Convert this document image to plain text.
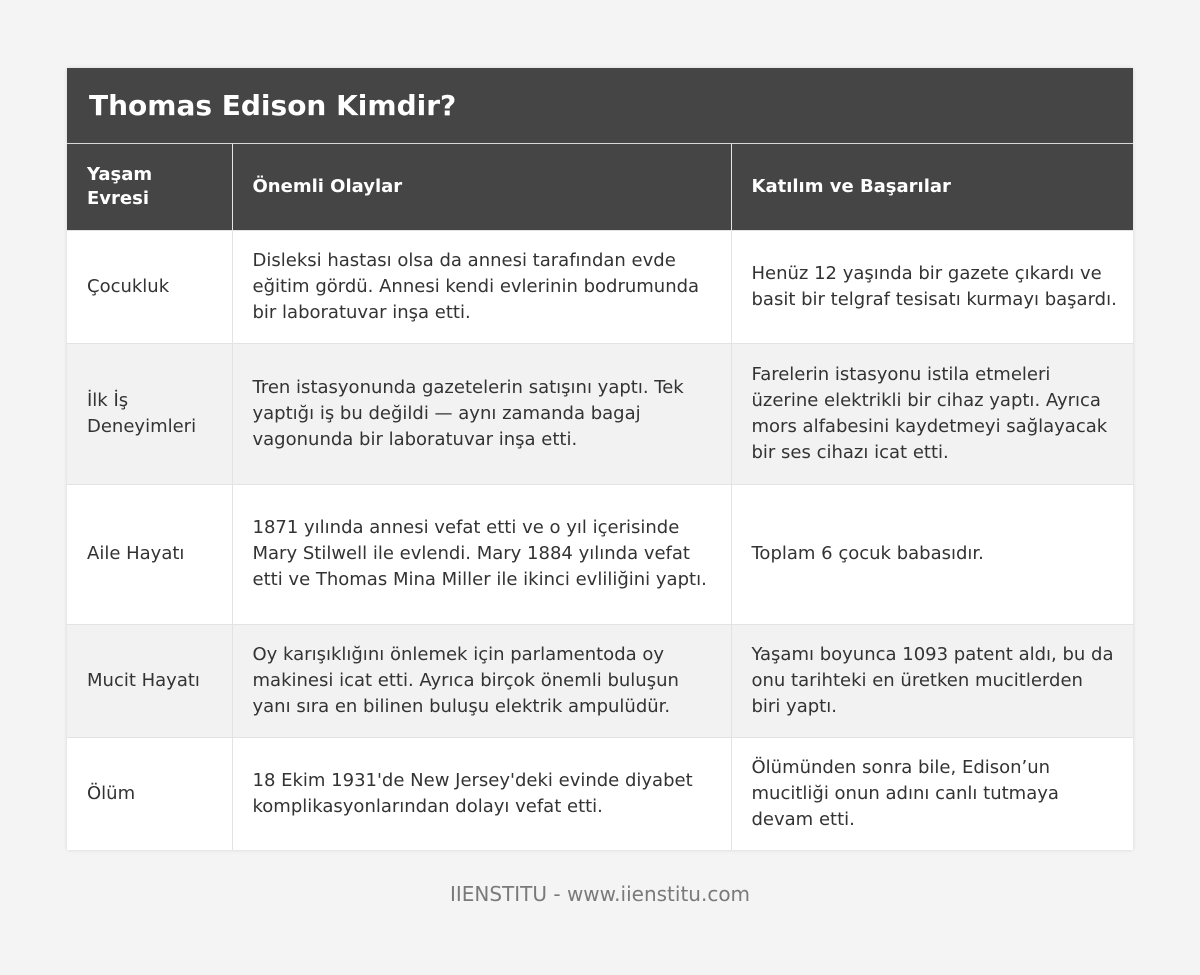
Thomas Edison Kimdir?
Yaşam Evresi	Önemli Olaylar	Katılım ve Başarılar
Çocukluk	Disleksi hastası olsa da annesi tarafından evde eğitim gördü. Annesi kendi evlerinin bodrumunda bir laboratuvar inşa etti.	Henüz 12 yaşında bir gazete çıkardı ve basit bir telgraf tesisatı kurmayı başardı.
İlk İş Deneyimleri	Tren istasyonunda gazetelerin satışını yaptı. Tek yaptığı iş bu değildi — aynı zamanda bagaj vagonunda bir laboratuvar inşa etti.	Farelerin istasyonu istila etmeleri üzerine elektrikli bir cihaz yaptı. Ayrıca mors alfabesini kaydetmeyi sağlayacak bir ses cihazı icat etti.
Aile Hayatı	1871 yılında annesi vefat etti ve o yıl içerisinde Mary Stilwell ile evlendi. Mary 1884 yılında vefat etti ve Thomas Mina Miller ile ikinci evliliğini yaptı.	Toplam 6 çocuk babasıdır.
Mucit Hayatı	Oy karışıklığını önlemek için parlamentoda oy makinesi icat etti. Ayrıca birçok önemli buluşun yanı sıra en bilinen buluşu elektrik ampulüdür.	Yaşamı boyunca 1093 patent aldı, bu da onu tarihteki en üretken mucitlerden biri yaptı.
Ölüm	18 Ekim 1931'de New Jersey'deki evinde diyabet komplikasyonlarından dolayı vefat etti.	Ölümünden sonra bile, Edison’un mucitliği onun adını canlı tutmaya devam etti.
IIENSTITU - www.iienstitu.com
